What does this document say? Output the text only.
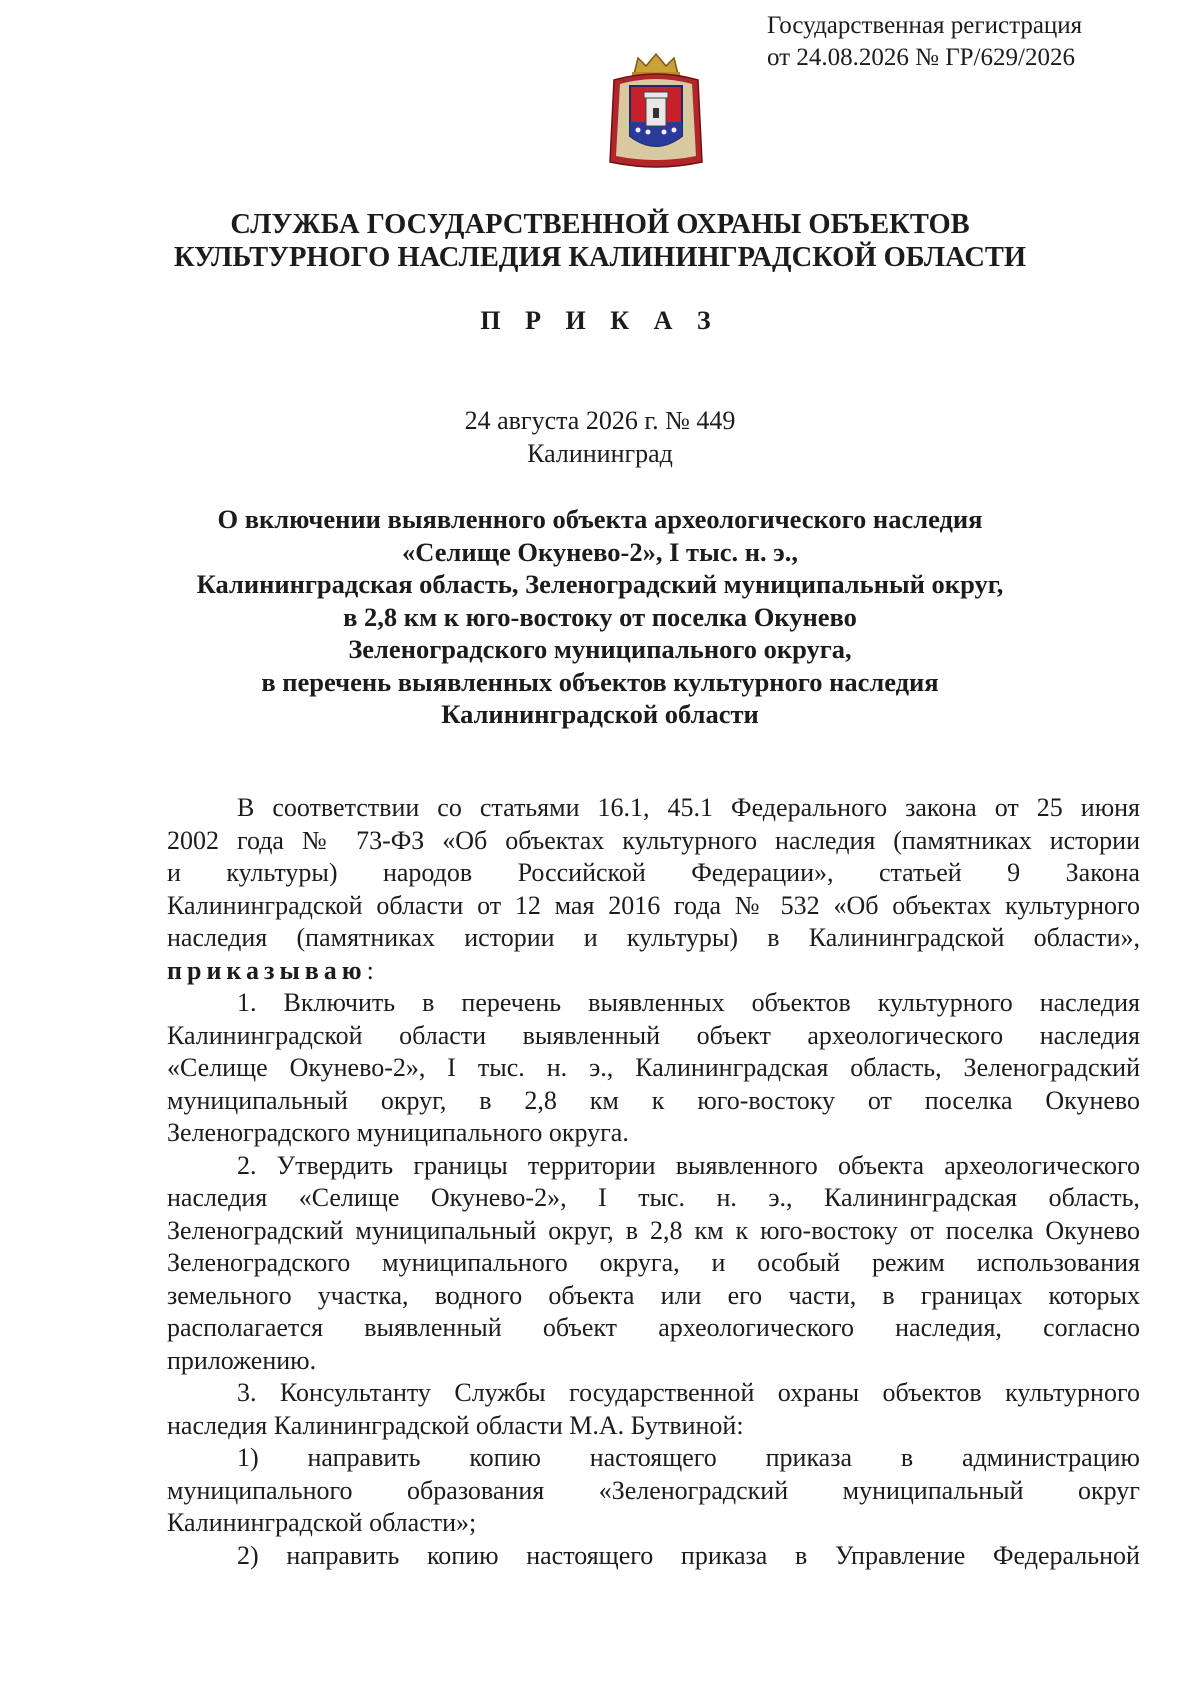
Государственная регистрация
от 24.08.2026 № ГР/629/2026
СЛУЖБА ГОСУДАРСТВЕННОЙ ОХРАНЫ ОБЪЕКТОВ
КУЛЬТУРНОГО НАСЛЕДИЯ КАЛИНИНГРАДСКОЙ ОБЛАСТИ
П Р И К А З
24 августа 2026 г. № 449
Калининград
О включении выявленного объекта археологического наследия
«Селище Окунево-2», I тыс. н. э.,
Калининградская область, Зеленоградский муниципальный округ,
в 2,8 км к юго-востоку от поселка Окунево
Зеленоградского муниципального округа,
в перечень выявленных объектов культурного наследия
Калининградской области
В соответствии со статьями 16.1, 45.1 Федерального закона от 25 июня
2002 года № 73-ФЗ «Об объектах культурного наследия (памятниках истории
и культуры) народов Российской Федерации», статьей 9 Закона
Калининградской области от 12 мая 2016 года № 532 «Об объектах культурного
наследия (памятниках истории и культуры) в Калининградской области»,
приказываю:
1. Включить в перечень выявленных объектов культурного наследия
Калининградской области выявленный объект археологического наследия
«Селище Окунево-2», I тыс. н. э., Калининградская область, Зеленоградский
муниципальный округ, в 2,8 км к юго-востоку от поселка Окунево
Зеленоградского муниципального округа.
2. Утвердить границы территории выявленного объекта археологического
наследия «Селище Окунево-2», I тыс. н. э., Калининградская область,
Зеленоградский муниципальный округ, в 2,8 км к юго-востоку от поселка Окунево
Зеленоградского муниципального округа, и особый режим использования
земельного участка, водного объекта или его части, в границах которых
располагается выявленный объект археологического наследия, согласно
приложению.
3. Консультанту Службы государственной охраны объектов культурного
наследия Калининградской области М.А. Бутвиной:
1) направить копию настоящего приказа в администрацию
муниципального образования «Зеленоградский муниципальный округ
Калининградской области»;
2) направить копию настоящего приказа в Управление Федеральной
